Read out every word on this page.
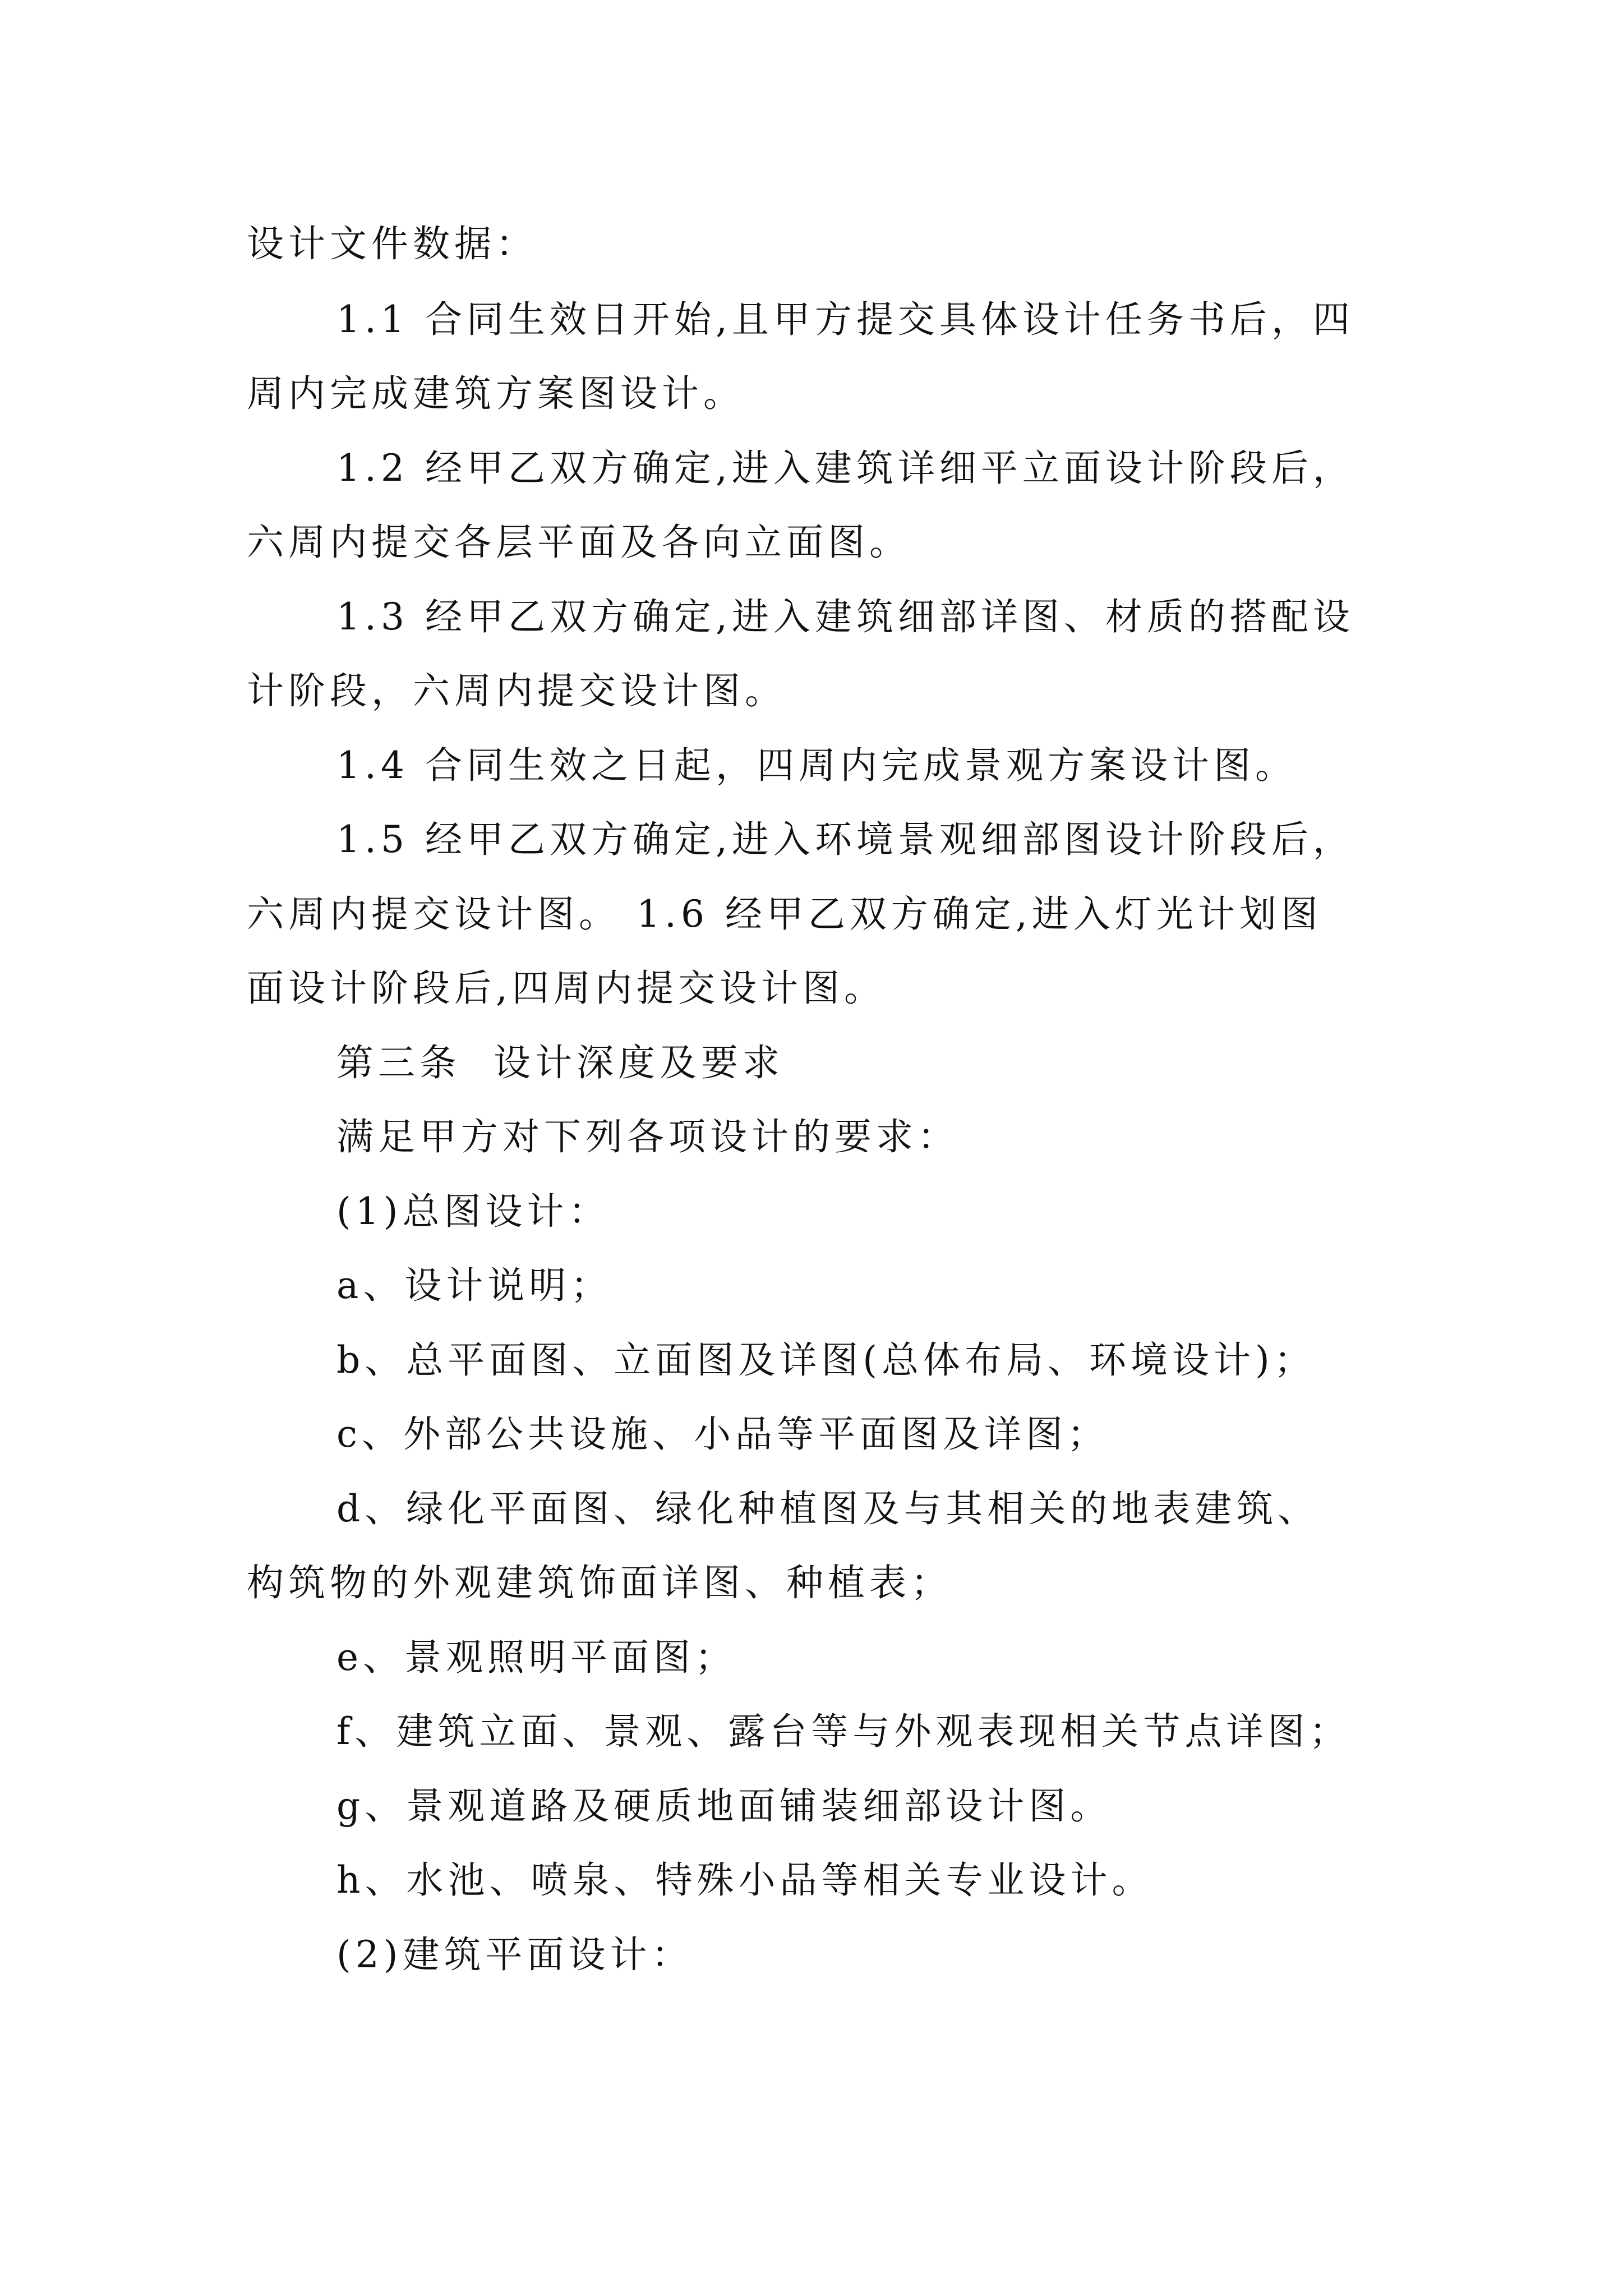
设计文件数据：
1.1 合同生效日开始,且甲方提交具体设计任务书后，四
周内完成建筑方案图设计。
1.2 经甲乙双方确定,进入建筑详细平立面设计阶段后，
六周内提交各层平面及各向立面图。
1.3 经甲乙双方确定,进入建筑细部详图、材质的搭配设
计阶段，六周内提交设计图。
1.4 合同生效之日起，四周内完成景观方案设计图。
1.5 经甲乙双方确定,进入环境景观细部图设计阶段后，
六周内提交设计图。 1.6 经甲乙双方确定,进入灯光计划图
面设计阶段后,四周内提交设计图。
第三条  设计深度及要求
满足甲方对下列各项设计的要求：
(1)总图设计：
a、设计说明；
b、总平面图、立面图及详图(总体布局、环境设计)；
c、外部公共设施、小品等平面图及详图；
d、绿化平面图、绿化种植图及与其相关的地表建筑、
构筑物的外观建筑饰面详图、种植表；
e、景观照明平面图；
f、建筑立面、景观、露台等与外观表现相关节点详图；
g、景观道路及硬质地面铺装细部设计图。
h、水池、喷泉、特殊小品等相关专业设计。
(2)建筑平面设计：
